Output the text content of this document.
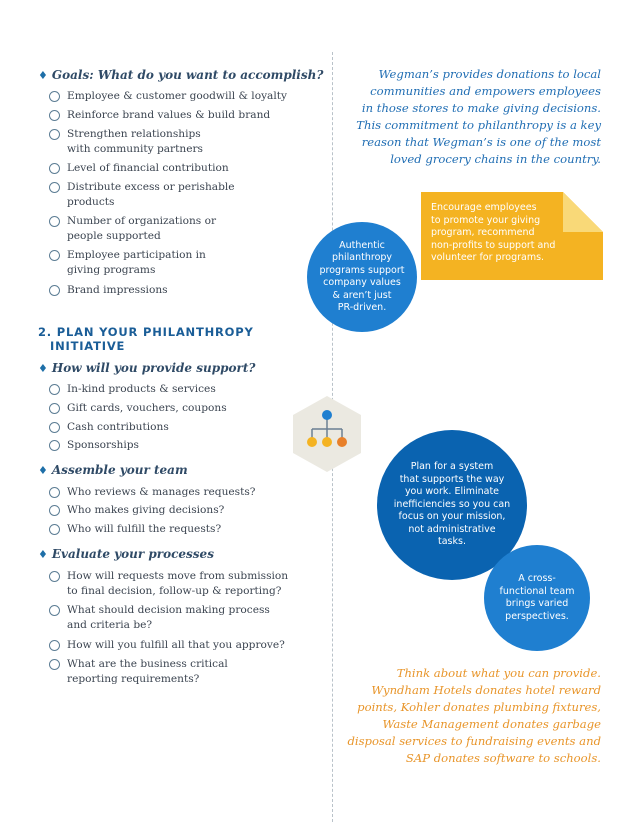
♦ Goals: What do you want to accomplish?
Employee & customer goodwill & loyalty
Reinforce brand values & build brand
Strengthen relationships with community partners
Level of financial contribution
Distribute excess or perishable products
Number of organizations or people supported
Employee participation in giving programs
Brand impressions
2. PLAN YOUR PHILANTHROPY
INITIATIVE
♦ How will you provide support?
In-kind products & services
Gift cards, vouchers, coupons
Cash contributions
Sponsorships
♦ Assemble your team
Who reviews & manages requests?
Who makes giving decisions?
Who will fulfill the requests?
♦ Evaluate your processes
How will requests move from submission to final decision, follow-up & reporting?
What should decision making process and criteria be?
How will you fulfill all that you approve?
What are the business critical reporting requirements?
Wegman’s provides donations to local
communities and empowers employees
in those stores to make giving decisions.
This commitment to philanthropy is a key
reason that Wegman’s is one of the most
loved grocery chains in the country.
Encourage employees
to promote your giving
program, recommend
non-profits to support and
volunteer for programs.
Authentic
philanthropy
programs support
company values
& aren’t just
PR-driven.
Plan for a system
that supports the way
you work. Eliminate
inefficiencies so you can
focus on your mission,
not administrative
tasks.
A cross-
functional team
brings varied
perspectives.
Think about what you can provide.
Wyndham Hotels donates hotel reward
points, Kohler donates plumbing fixtures,
Waste Management donates garbage
disposal services to fundraising events and
SAP donates software to schools.
